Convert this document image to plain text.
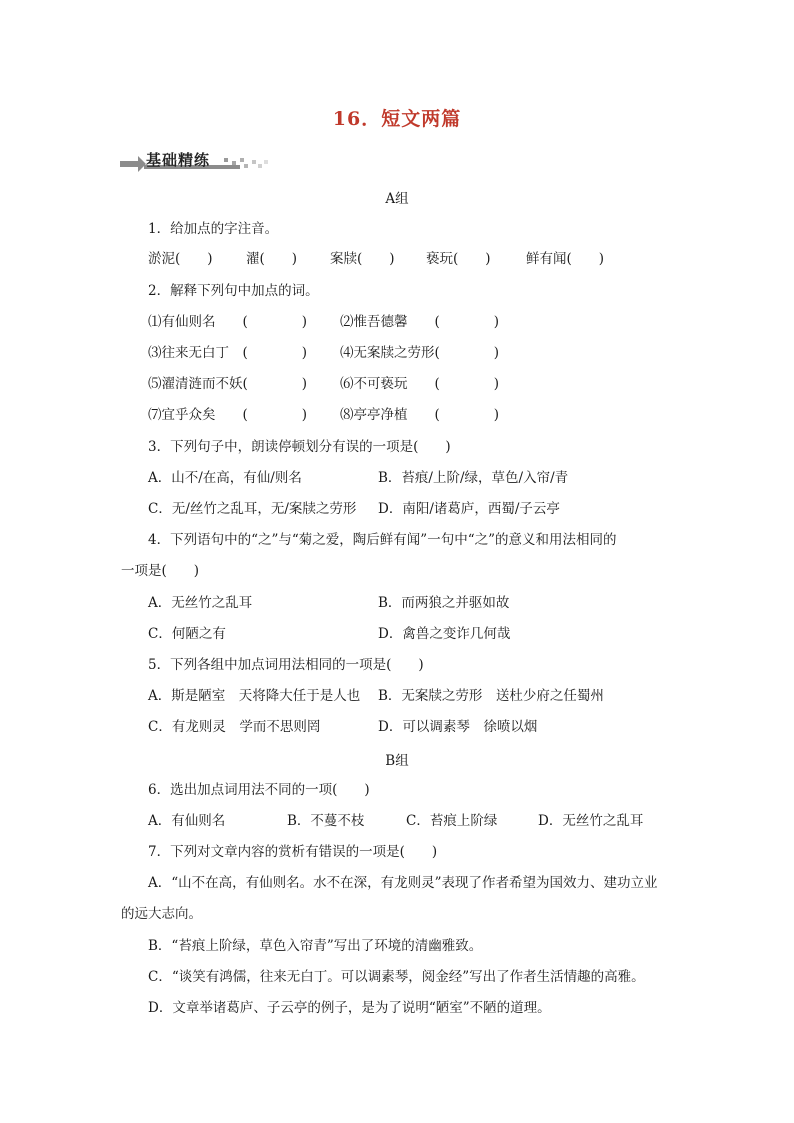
16．短文两篇
基础精练
A组
1．给加点的字注音。
淤泥(　　) 濯(　　) 案牍(　　) 亵玩(　　)	鲜有闻(　　)
2．解释下列句中加点的词。
⑴有仙则名　　(　　　　) ⑵惟吾德馨　　(　　　　)
⑶往来无白丁　(　　　　) ⑷无案牍之劳形(　　　　)
⑸濯清涟而不妖(　　　　) ⑹不可亵玩　　(　　　　)
⑺宜乎众矣　　(　　　　) ⑻亭亭净植　　(　　　　)
3．下列句子中，朗读停顿划分有误的一项是(　　)
A．山不/在高，有仙/则名	B．苔痕/上阶/绿，草色/入帘/青
C．无/丝竹之乱耳，无/案牍之劳形 D．南阳/诸葛庐，西蜀/子云亭
4．下列语句中的“之”与“菊之爱，陶后鲜有闻”一句中“之”的意义和用法相同的
一项是(　　)
A．无丝竹之乱耳	B．而两狼之并驱如故
C．何陋之有	D．禽兽之变诈几何哉
5．下列各组中加点词用法相同的一项是(　　)
A．斯是陋室　天将降大任于是人也 B．无案牍之劳形　送杜少府之任蜀州
C．有龙则灵　学而不思则罔	D．可以调素琴　徐喷以烟
B组
6．选出加点词用法不同的一项(　　)
A．有仙则名	B．不蔓不枝	C．苔痕上阶绿	D．无丝竹之乱耳
7．下列对文章内容的赏析有错误的一项是(　　)
A．“山不在高，有仙则名。水不在深，有龙则灵”表现了作者希望为国效力、建功立业
的远大志向。
B．“苔痕上阶绿，草色入帘青”写出了环境的清幽雅致。
C．“谈笑有鸿儒，往来无白丁。可以调素琴，阅金经”写出了作者生活情趣的高雅。
D．文章举诸葛庐、子云亭的例子，是为了说明“陋室”不陋的道理。
